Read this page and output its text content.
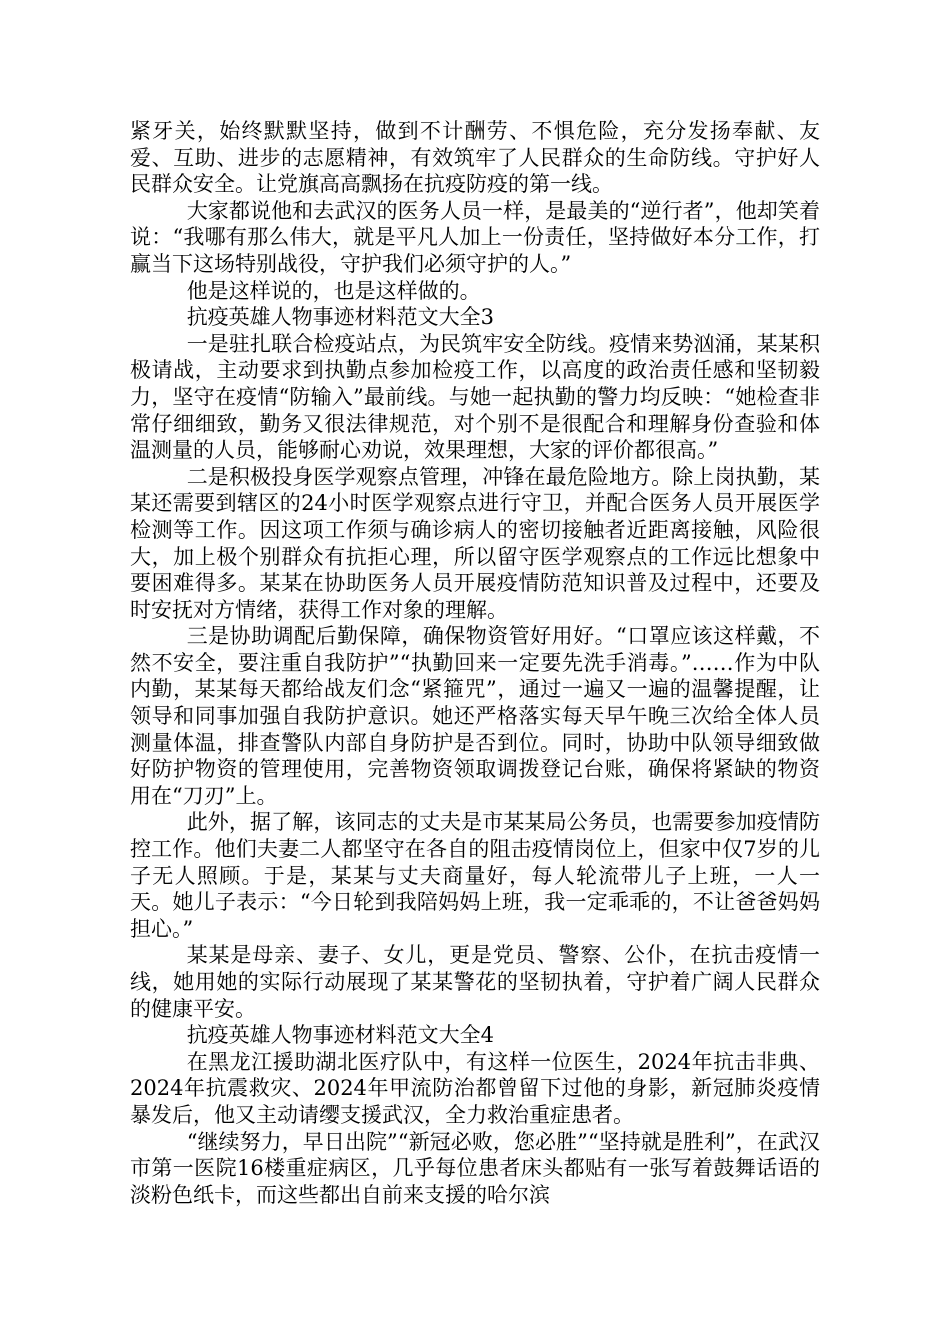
紧牙关，始终默默坚持，做到不计酬劳、不惧危险，充分发扬奉献、友爱、互助、进步的志愿精神，有效筑牢了人民群众的生命防线。守护好人民群众安全。让党旗高高飘扬在抗疫防疫的第一线。

大家都说他和去武汉的医务人员一样，是最美的“逆行者”，他却笑着说：“我哪有那么伟大，就是平凡人加上一份责任，坚持做好本分工作，打赢当下这场特别战役，守护我们必须守护的人。”

他是这样说的，也是这样做的。

抗疫英雄人物事迹材料范文大全3

一是驻扎联合检疫站点，为民筑牢安全防线。疫情来势汹涌，某某积极请战，主动要求到执勤点参加检疫工作，以高度的政治责任感和坚韧毅力，坚守在疫情“防输入”最前线。与她一起执勤的警力均反映：“她检查非常仔细细致，勤务又很法律规范，对个别不是很配合和理解身份查验和体温测量的人员，能够耐心劝说，效果理想，大家的评价都很高。”

二是积极投身医学观察点管理，冲锋在最危险地方。除上岗执勤，某某还需要到辖区的24小时医学观察点进行守卫，并配合医务人员开展医学检测等工作。因这项工作须与确诊病人的密切接触者近距离接触，风险很大，加上极个别群众有抗拒心理，所以留守医学观察点的工作远比想象中要困难得多。某某在协助医务人员开展疫情防范知识普及过程中，还要及时安抚对方情绪，获得工作对象的理解。

三是协助调配后勤保障，确保物资管好用好。“口罩应该这样戴，不然不安全，要注重自我防护”“执勤回来一定要先洗手消毒。”……作为中队内勤，某某每天都给战友们念“紧箍咒”，通过一遍又一遍的温馨提醒，让领导和同事加强自我防护意识。她还严格落实每天早午晚三次给全体人员测量体温，排查警队内部自身防护是否到位。同时，协助中队领导细致做好防护物资的管理使用，完善物资领取调拨登记台账，确保将紧缺的物资用在“刀刃”上。

此外，据了解，该同志的丈夫是市某某局公务员，也需要参加疫情防控工作。他们夫妻二人都坚守在各自的阻击疫情岗位上，但家中仅7岁的儿子无人照顾。于是，某某与丈夫商量好，每人轮流带儿子上班，一人一天。她儿子表示：“今日轮到我陪妈妈上班，我一定乖乖的，不让爸爸妈妈担心。”

某某是母亲、妻子、女儿，更是党员、警察、公仆，在抗击疫情一线，她用她的实际行动展现了某某警花的坚韧执着，守护着广阔人民群众的健康平安。

抗疫英雄人物事迹材料范文大全4

在黑龙江援助湖北医疗队中，有这样一位医生，2024年抗击非典、2024年抗震救灾、2024年甲流防治都曾留下过他的身影，新冠肺炎疫情暴发后，他又主动请缨支援武汉，全力救治重症患者。

“继续努力，早日出院”“新冠必败，您必胜”“坚持就是胜利”，在武汉市第一医院16楼重症病区，几乎每位患者床头都贴有一张写着鼓舞话语的淡粉色纸卡，而这些都出自前来支援的哈尔滨
